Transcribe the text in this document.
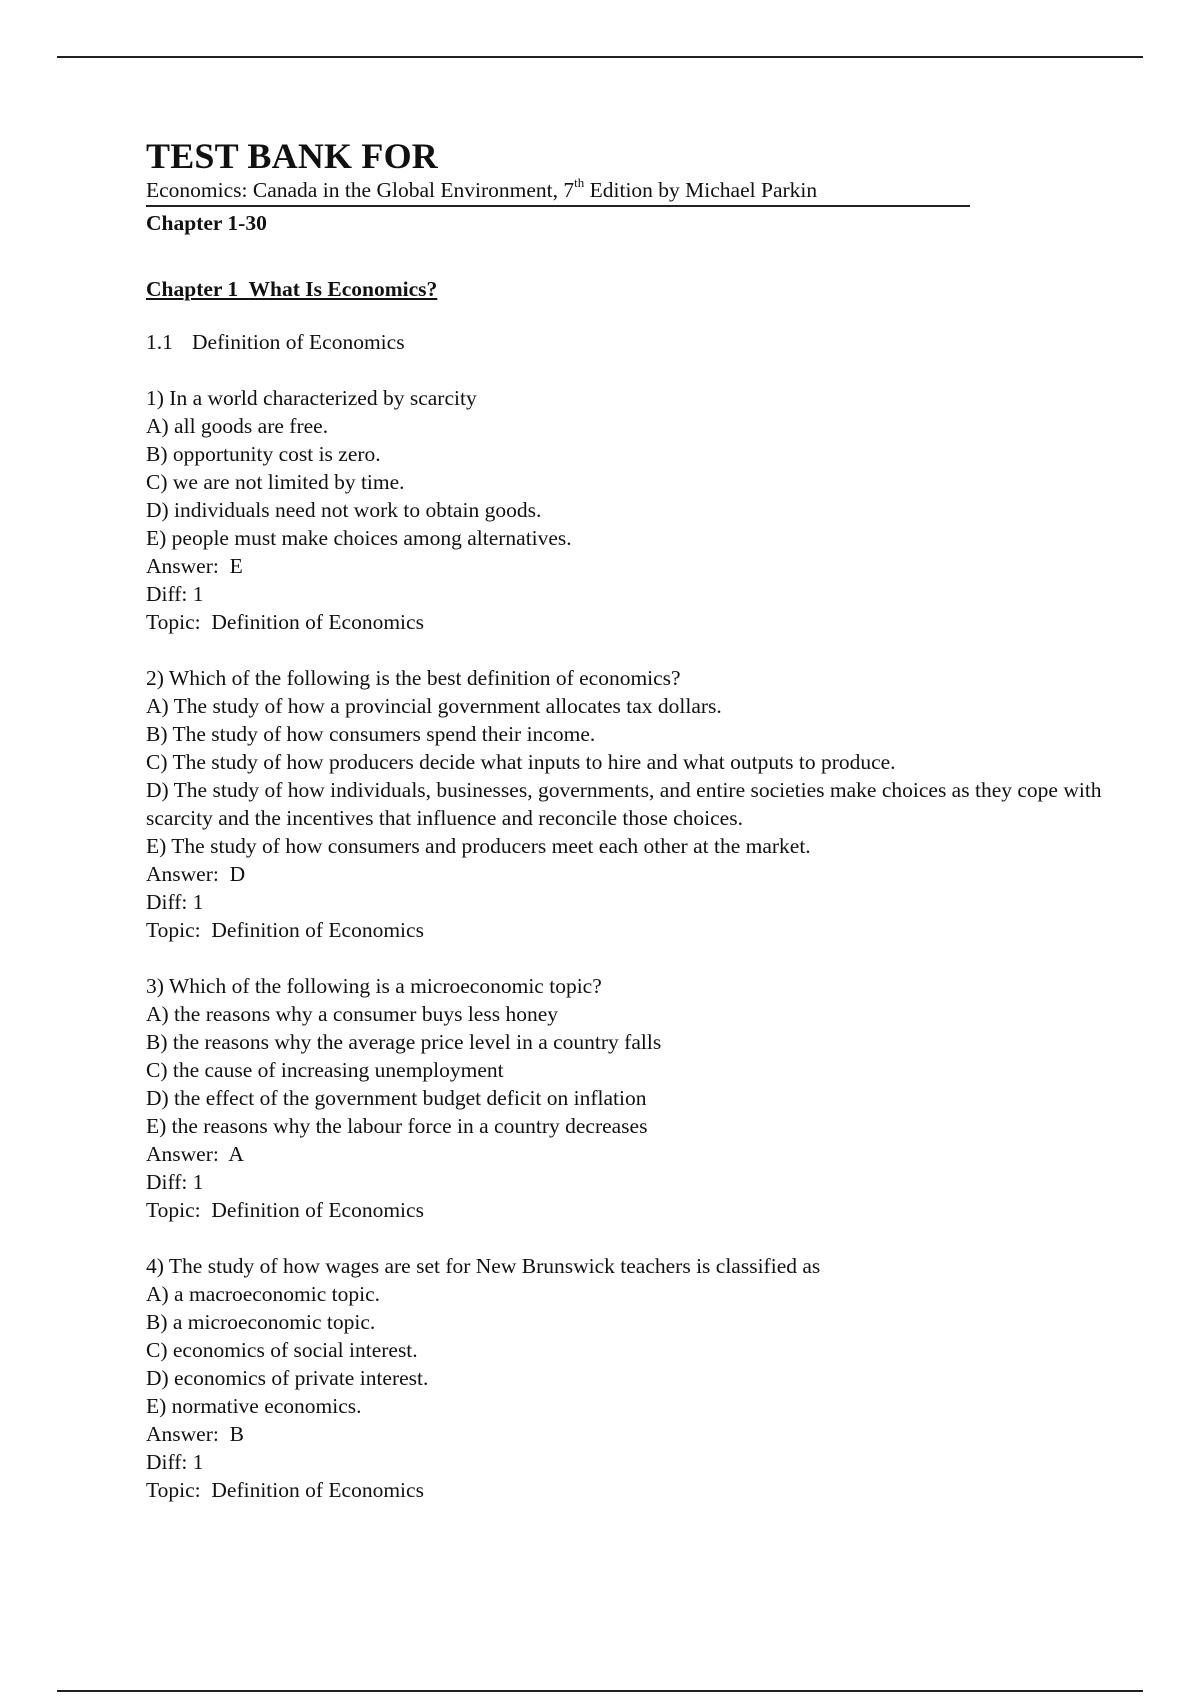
TEST BANK FOR
Economics: Canada in the Global Environment, 7th Edition by Michael Parkin
Chapter 1-30
Chapter 1  What Is Economics?
1.1 Definition of Economics
1) In a world characterized by scarcity
A) all goods are free.
B) opportunity cost is zero.
C) we are not limited by time.
D) individuals need not work to obtain goods.
E) people must make choices among alternatives.
Answer:  E
Diff: 1
Topic:  Definition of Economics
2) Which of the following is the best definition of economics?
A) The study of how a provincial government allocates tax dollars.
B) The study of how consumers spend their income.
C) The study of how producers decide what inputs to hire and what outputs to produce.
D) The study of how individuals, businesses, governments, and entire societies make choices as they cope with scarcity and the incentives that influence and reconcile those choices.
E) The study of how consumers and producers meet each other at the market.
Answer:  D
Diff: 1
Topic:  Definition of Economics
3) Which of the following is a microeconomic topic?
A) the reasons why a consumer buys less honey
B) the reasons why the average price level in a country falls
C) the cause of increasing unemployment
D) the effect of the government budget deficit on inflation
E) the reasons why the labour force in a country decreases
Answer:  A
Diff: 1
Topic:  Definition of Economics
4) The study of how wages are set for New Brunswick teachers is classified as
A) a macroeconomic topic.
B) a microeconomic topic.
C) economics of social interest.
D) economics of private interest.
E) normative economics.
Answer:  B
Diff: 1
Topic:  Definition of Economics
